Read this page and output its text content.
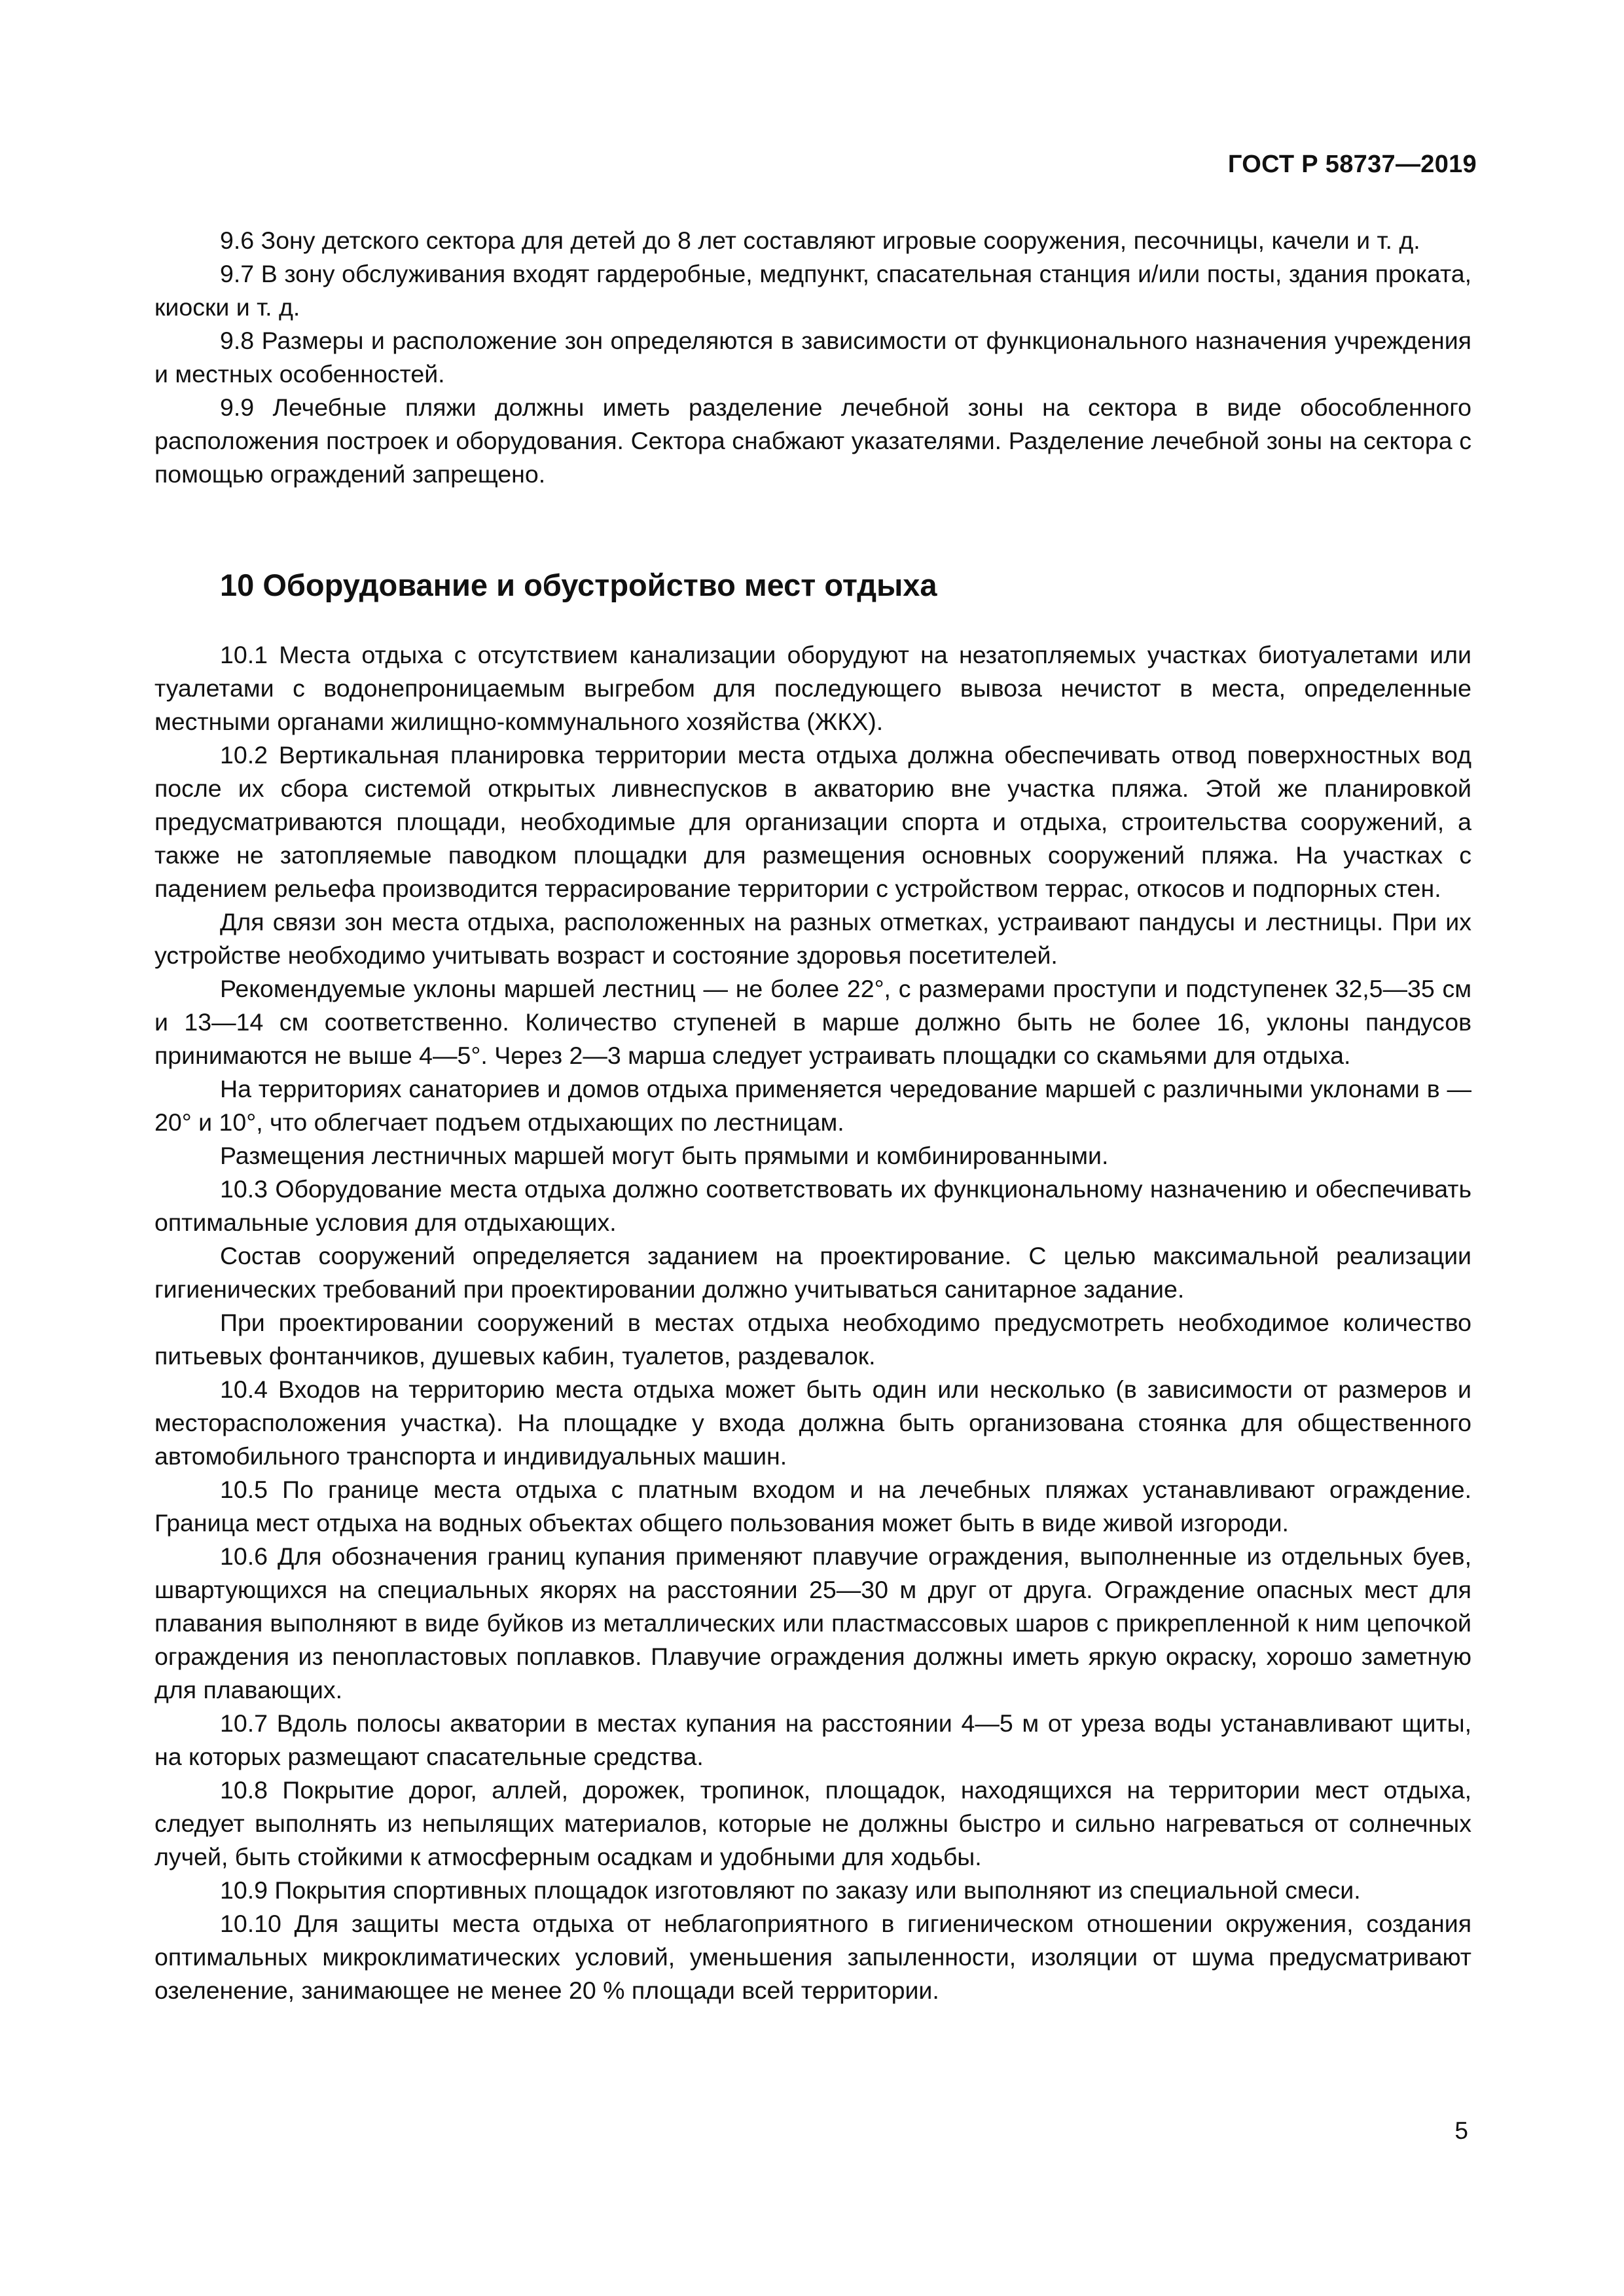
ГОСТ Р 58737—2019

9.6 Зону детского сектора для детей до 8 лет составляют игровые сооружения, песочницы, качели и т. д.

9.7 В зону обслуживания входят гардеробные, медпункт, спасательная станция и/или посты, здания проката, киоски и т. д.

9.8 Размеры и расположение зон определяются в зависимости от функционального назначения учреждения и местных особенностей.

9.9 Лечебные пляжи должны иметь разделение лечебной зоны на сектора в виде обособленного расположения построек и оборудования. Сектора снабжают указателями. Разделение лечебной зоны на сектора с помощью ограждений запрещено.

10 Оборудование и обустройство мест отдыха

10.1 Места отдыха с отсутствием канализации оборудуют на незатопляемых участках биотуалетами или туалетами с водонепроницаемым выгребом для последующего вывоза нечистот в места, определенные местными органами жилищно-коммунального хозяйства (ЖКХ).

10.2 Вертикальная планировка территории места отдыха должна обеспечивать отвод поверхностных вод после их сбора системой открытых ливнеспусков в акваторию вне участка пляжа. Этой же планировкой предусматриваются площади, необходимые для организации спорта и отдыха, строительства сооружений, а также не затопляемые паводком площадки для размещения основных сооружений пляжа. На участках с падением рельефа производится террасирование территории с устройством террас, откосов и подпорных стен.

Для связи зон места отдыха, расположенных на разных отметках, устраивают пандусы и лестницы. При их устройстве необходимо учитывать возраст и состояние здоровья посетителей.

Рекомендуемые уклоны маршей лестниц — не более 22°, с размерами проступи и подступенек 32,5—35 см и 13—14 см соответственно. Количество ступеней в марше должно быть не более 16, уклоны пандусов принимаются не выше 4—5°. Через 2—3 марша следует устраивать площадки со скамьями для отдыха.

На территориях санаториев и домов отдыха применяется чередование маршей с различными уклонами в — 20° и 10°, что облегчает подъем отдыхающих по лестницам.

Размещения лестничных маршей могут быть прямыми и комбинированными.

10.3 Оборудование места отдыха должно соответствовать их функциональному назначению и обеспечивать оптимальные условия для отдыхающих.

Состав сооружений определяется заданием на проектирование. С целью максимальной реализации гигиенических требований при проектировании должно учитываться санитарное задание.

При проектировании сооружений в местах отдыха необходимо предусмотреть необходимое количество питьевых фонтанчиков, душевых кабин, туалетов, раздевалок.

10.4 Входов на территорию места отдыха может быть один или несколько (в зависимости от размеров и месторасположения участка). На площадке у входа должна быть организована стоянка для общественного автомобильного транспорта и индивидуальных машин.

10.5 По границе места отдыха с платным входом и на лечебных пляжах устанавливают ограждение. Граница мест отдыха на водных объектах общего пользования может быть в виде живой изгороди.

10.6 Для обозначения границ купания применяют плавучие ограждения, выполненные из отдельных буев, швартующихся на специальных якорях на расстоянии 25—30 м друг от друга. Ограждение опасных мест для плавания выполняют в виде буйков из металлических или пластмассовых шаров с прикрепленной к ним цепочкой ограждения из пенопластовых поплавков. Плавучие ограждения должны иметь яркую окраску, хорошо заметную для плавающих.

10.7 Вдоль полосы акватории в местах купания на расстоянии 4—5 м от уреза воды устанавливают щиты, на которых размещают спасательные средства.

10.8 Покрытие дорог, аллей, дорожек, тропинок, площадок, находящихся на территории мест отдыха, следует выполнять из непылящих материалов, которые не должны быстро и сильно нагреваться от солнечных лучей, быть стойкими к атмосферным осадкам и удобными для ходьбы.

10.9 Покрытия спортивных площадок изготовляют по заказу или выполняют из специальной смеси.

10.10 Для защиты места отдыха от неблагоприятного в гигиеническом отношении окружения, создания оптимальных микроклиматических условий, уменьшения запыленности, изоляции от шума предусматривают озеленение, занимающее не менее 20 % площади всей территории.

5
